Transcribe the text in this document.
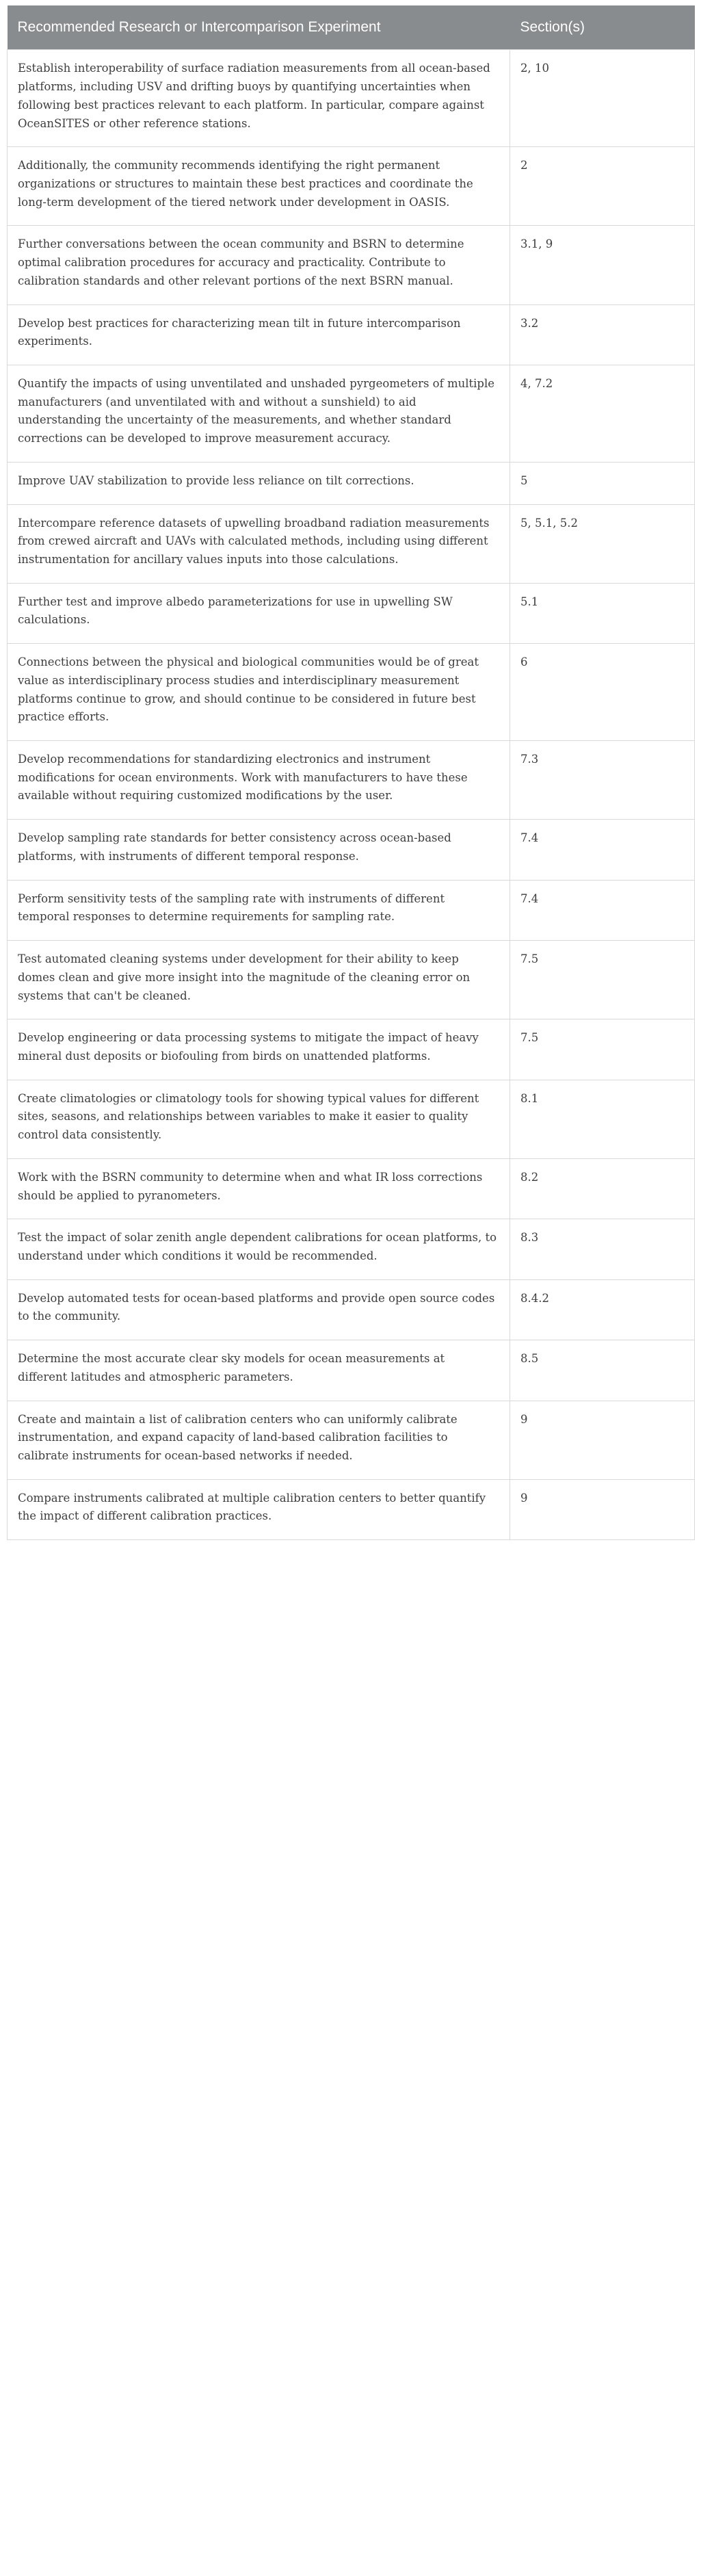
Recommended Research or Intercomparison Experiment	Section(s)
Establish interoperability of surface radiation measurements from all ocean-based platforms, including USV and drifting buoys by quantifying uncertainties when following best practices relevant to each platform. In particular, compare against OceanSITES or other reference stations.	2, 10
Additionally, the community recommends identifying the right permanent organizations or structures to maintain these best practices and coordinate the long-term development of the tiered network under development in OASIS.	2
Further conversations between the ocean community and BSRN to determine optimal calibration procedures for accuracy and practicality. Contribute to calibration standards and other relevant portions of the next BSRN manual.	3.1, 9
Develop best practices for characterizing mean tilt in future intercomparison experiments.	3.2
Quantify the impacts of using unventilated and unshaded pyrgeometers of multiple manufacturers (and unventilated with and without a sunshield) to aid understanding the uncertainty of the measurements, and whether standard corrections can be developed to improve measurement accuracy.	4, 7.2
Improve UAV stabilization to provide less reliance on tilt corrections.	5
Intercompare reference datasets of upwelling broadband radiation measurements from crewed aircraft and UAVs with calculated methods, including using different instrumentation for ancillary values inputs into those calculations.	5, 5.1, 5.2
Further test and improve albedo parameterizations for use in upwelling SW calculations.	5.1
Connections between the physical and biological communities would be of great value as interdisciplinary process studies and interdisciplinary measurement platforms continue to grow, and should continue to be considered in future best practice efforts.	6
Develop recommendations for standardizing electronics and instrument modifications for ocean environments. Work with manufacturers to have these available without requiring customized modifications by the user.	7.3
Develop sampling rate standards for better consistency across ocean-based platforms, with instruments of different temporal response.	7.4
Perform sensitivity tests of the sampling rate with instruments of different temporal responses to determine requirements for sampling rate.	7.4
Test automated cleaning systems under development for their ability to keep domes clean and give more insight into the magnitude of the cleaning error on systems that can't be cleaned.	7.5
Develop engineering or data processing systems to mitigate the impact of heavy mineral dust deposits or biofouling from birds on unattended platforms.	7.5
Create climatologies or climatology tools for showing typical values for different sites, seasons, and relationships between variables to make it easier to quality control data consistently.	8.1
Work with the BSRN community to determine when and what IR loss corrections should be applied to pyranometers.	8.2
Test the impact of solar zenith angle dependent calibrations for ocean platforms, to understand under which conditions it would be recommended.	8.3
Develop automated tests for ocean-based platforms and provide open source codes to the community.	8.4.2
Determine the most accurate clear sky models for ocean measurements at different latitudes and atmospheric parameters.	8.5
Create and maintain a list of calibration centers who can uniformly calibrate instrumentation, and expand capacity of land-based calibration facilities to calibrate instruments for ocean-based networks if needed.	9
Compare instruments calibrated at multiple calibration centers to better quantify the impact of different calibration practices.	9
